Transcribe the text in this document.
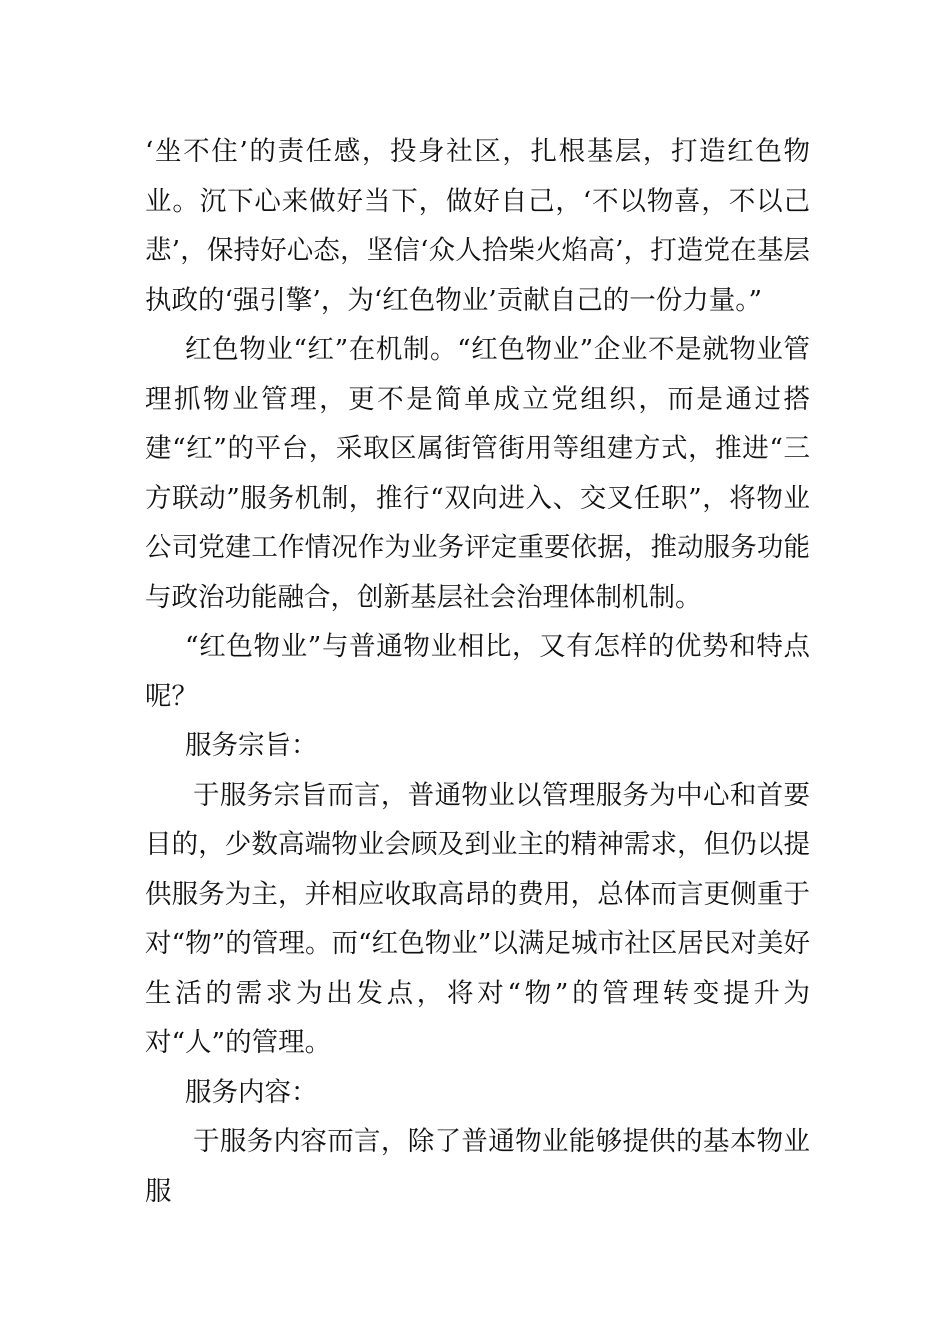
‘坐不住’的责任感，投身社区，扎根基层，打造红色物业。沉下心来做好当下，做好自己，‘不以物喜，不以己悲’，保持好心态，坚信‘众人拾柴火焰高’，打造党在基层执政的‘强引擎’，为‘红色物业’贡献自己的一份力量。”

红色物业“红”在机制。“红色物业”企业不是就物业管理抓物业管理，更不是简单成立党组织，而是通过搭建“红”的平台，采取区属街管街用等组建方式，推进“三方联动”服务机制，推行“双向进入、交叉任职”，将物业公司党建工作情况作为业务评定重要依据，推动服务功能与政治功能融合，创新基层社会治理体制机制。

“红色物业”与普通物业相比，又有怎样的优势和特点呢？

服务宗旨：

于服务宗旨而言，普通物业以管理服务为中心和首要目的，少数高端物业会顾及到业主的精神需求，但仍以提供服务为主，并相应收取高昂的费用，总体而言更侧重于对“物”的管理。而“红色物业”以满足城市社区居民对美好生活的需求为出发点，将对“物”的管理转变提升为对“人”的管理。

服务内容：

于服务内容而言，除了普通物业能够提供的基本物业服
